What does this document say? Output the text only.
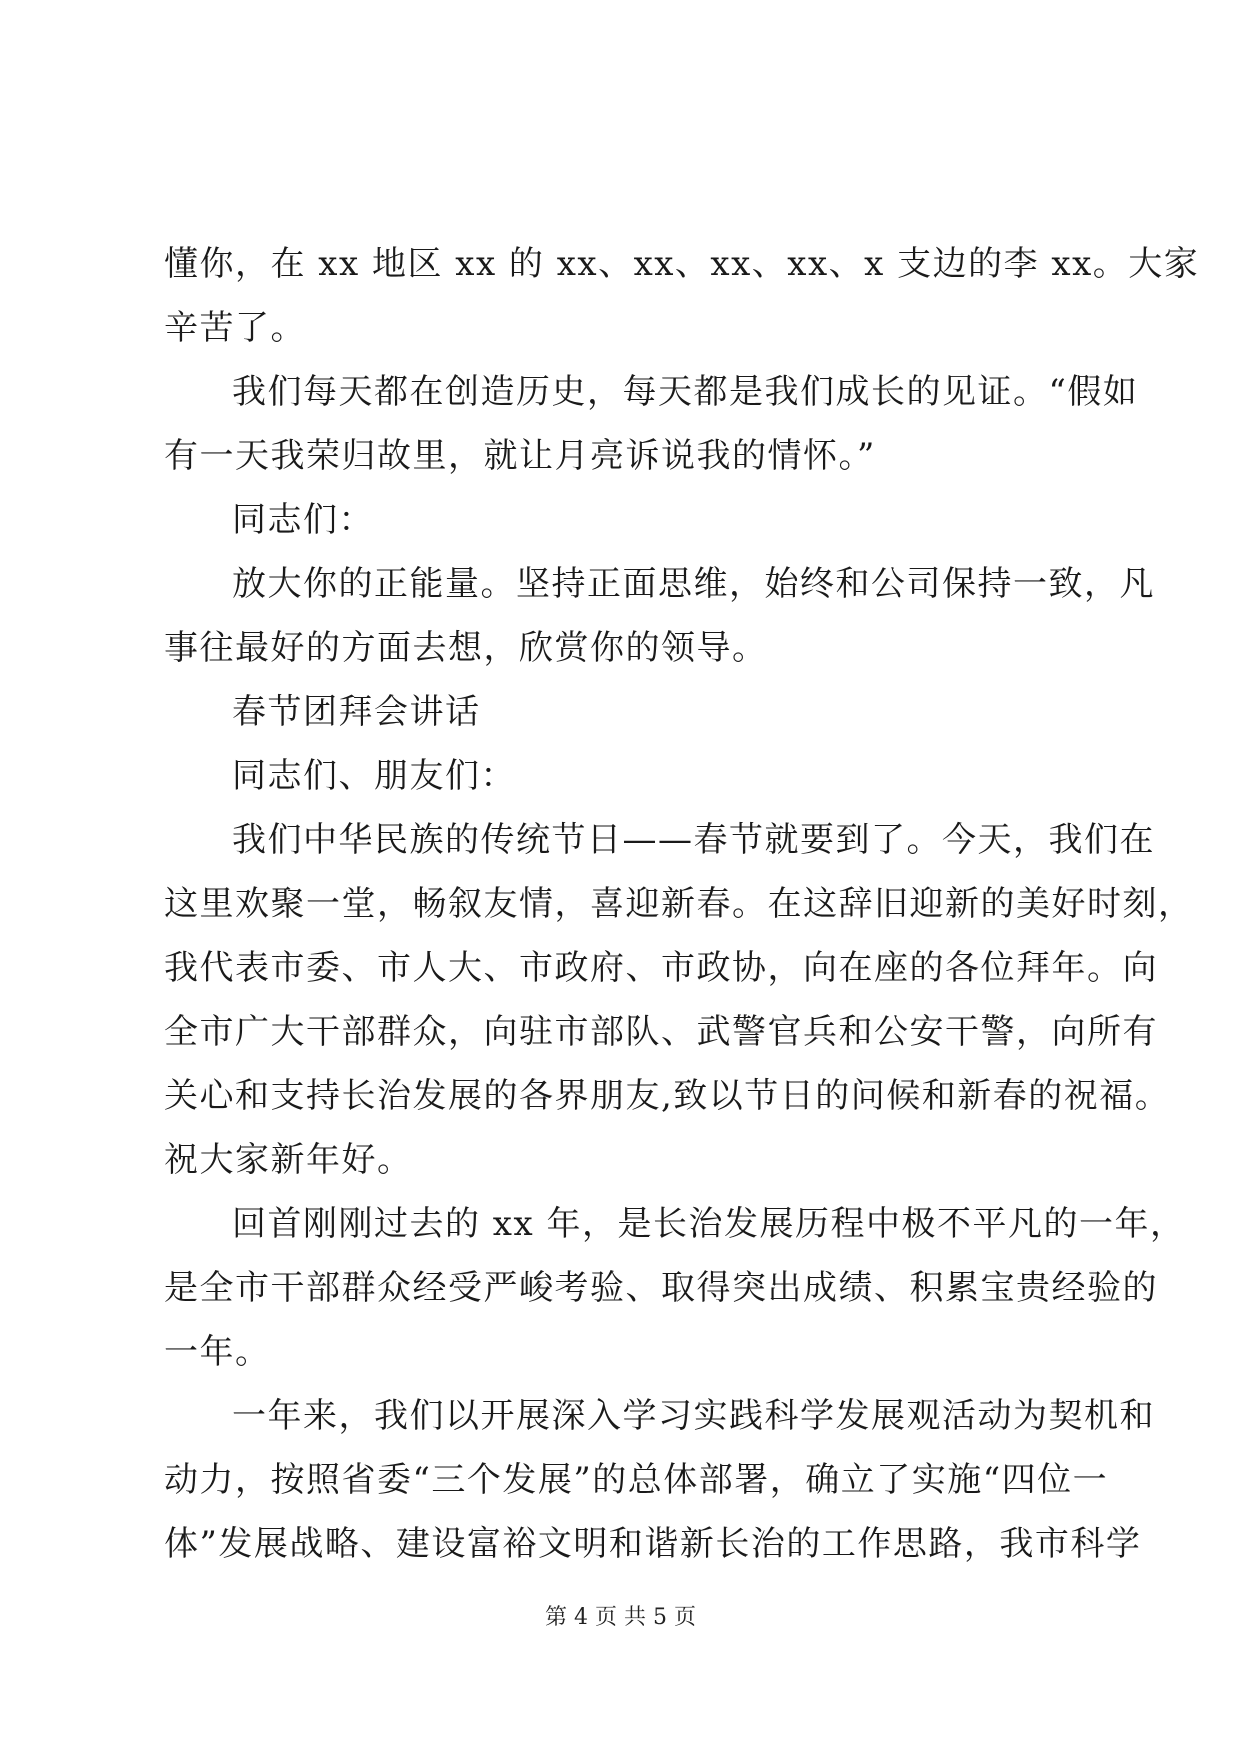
懂你，在 xx 地区 xx 的 xx、xx、xx、xx、x 支边的李 xx。大家
辛苦了。
我们每天都在创造历史，每天都是我们成长的见证。“假如
有一天我荣归故里，就让月亮诉说我的情怀。”
同志们：
放大你的正能量。坚持正面思维，始终和公司保持一致，凡
事往最好的方面去想，欣赏你的领导。
春节团拜会讲话
同志们、朋友们：
我们中华民族的传统节日——春节就要到了。今天，我们在
这里欢聚一堂，畅叙友情，喜迎新春。在这辞旧迎新的美好时刻，
我代表市委、市人大、市政府、市政协，向在座的各位拜年。向
全市广大干部群众，向驻市部队、武警官兵和公安干警，向所有
关心和支持长治发展的各界朋友,致以节日的问候和新春的祝福。
祝大家新年好。
回首刚刚过去的 xx 年，是长治发展历程中极不平凡的一年，
是全市干部群众经受严峻考验、取得突出成绩、积累宝贵经验的
一年。
一年来，我们以开展深入学习实践科学发展观活动为契机和
动力，按照省委“三个发展”的总体部署，确立了实施“四位一
体”发展战略、建设富裕文明和谐新长治的工作思路，我市科学
第 4 页 共 5 页
